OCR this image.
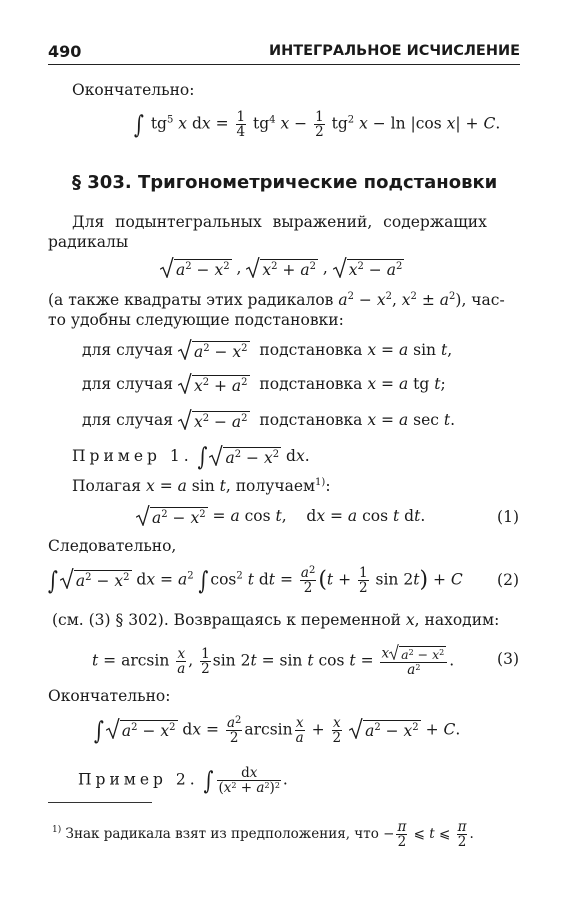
490	ИНТЕГРАЛЬНОЕ ИСЧИСЛЕНИЕ
Окончательно:
∫ $tg^5$ x dx = $\frac{1}{4} tg^4$ $x - \frac{1}{2} tg^2$ x − ln |cos x| + C.
§ 303. Тригонометрические подстановки
Для подынтегральных выражений, содержащих
радикалы
$a^2 - x^2$ ,
$x^2 + a^2$ ,
$x^2 - a^2$
(а также квадраты этих радикалов $a^2 - x^2$, $x^2 \pm a^2$), час-
то удобны следующие подстановки:
для случая $a^2 - x^2$ подстановка x = a sin t,
для случая $x^2 + a^2$ подстановка x = a tg t;
для случая $x^2 - a^2$ подстановка x = a sec t.
Пример 1. ∫ $a^2 - x^2$ dx.
Полагая x = a sin t, получаем$^{1)}$:
$a^2 - x^2 = a$ cos t,    dx = a cos t dt.	(1)
Следовательно,
∫ $a^2 - x^2$ dx = $a^2$ ∫ $\cos^2 t$ dt = $\frac{a^2}{2} (t + \frac{1}{2}$ sin 2t) + C (2)
(см. (3) § 302). Возвращаясь к переменной x, находим:
$t = \arcsin \frac{x}{a}$ , $\frac{1}{2}$ sin 2t = sin t $\cos t = \frac{x a^2 - x^2}{a^2}$ .	(3)
Окончательно:
∫ $a^2 - x^2$ dx = $\frac{a^2}{2}$ $\arcsin \frac{x}{a} + \frac{x}{2}$
$a^2 - x^2 + C$.
Пример 2. ∫ $\frac{dx}{(x^2 + a^2)^2}$ .
$^{1)}$ Знак радикала взят из предположения, что − $\frac{\pi}{2}$ ⩽ t ⩽ $\frac{\pi}{2}$ .
